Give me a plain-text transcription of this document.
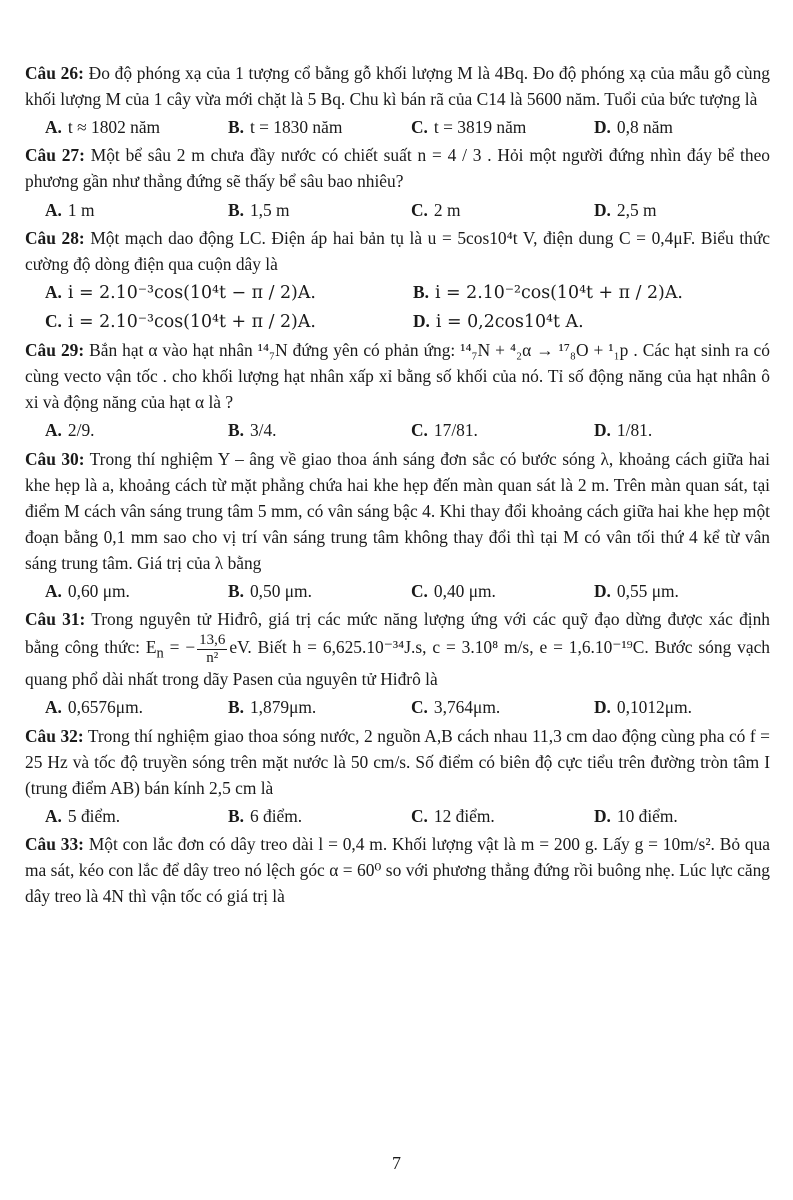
Câu 26: Đo độ phóng xạ của 1 tượng cổ bằng gỗ khối lượng M là 4Bq. Đo độ phóng xạ của mẫu gỗ cùng khối lượng M của 1 cây vừa mới chặt là 5 Bq. Chu kì bán rã của C14 là 5600 năm. Tuổi của bức tượng là

A. t ≈ 1802 năm	B. t = 1830 năm	C. t = 3819 năm	D. 0,8 năm

Câu 27: Một bể sâu 2 m chưa đầy nước có chiết suất n = 4 / 3 . Hỏi một người đứng nhìn đáy bể theo phương gần như thẳng đứng sẽ thấy bể sâu bao nhiêu?

A. 1 m	B. 1,5 m	C. 2 m	D. 2,5 m

Câu 28: Một mạch dao động LC. Điện áp hai bản tụ là u = 5cos10⁴t V, điện dung C = 0,4μF. Biểu thức cường độ dòng điện qua cuộn dây là

A. i = 2.10⁻³cos(10⁴t − π / 2)A.	B. i = 2.10⁻²cos(10⁴t + π / 2)A.
C. i = 2.10⁻³cos(10⁴t + π / 2)A.	D. i = 0,2cos10⁴t A.

Câu 29: Bắn hạt α vào hạt nhân ¹⁴₇N đứng yên có phản ứng: ¹⁴₇N + ⁴₂α → ¹⁷₈O + ¹₁p . Các hạt sinh ra có cùng vecto vận tốc . cho khối lượng hạt nhân xấp xỉ bằng số khối của nó. Tỉ số động năng của hạt nhân ô xi và động năng của hạt α là ?

A. 2/9.	B. 3/4.	C. 17/81.	D. 1/81.

Câu 30: Trong thí nghiệm Y – âng về giao thoa ánh sáng đơn sắc có bước sóng λ, khoảng cách giữa hai khe hẹp là a, khoảng cách từ mặt phẳng chứa hai khe hẹp đến màn quan sát là 2 m. Trên màn quan sát, tại điểm M cách vân sáng trung tâm 5 mm, có vân sáng bậc 4. Khi thay đổi khoảng cách giữa hai khe hẹp một đoạn bằng 0,1 mm sao cho vị trí vân sáng trung tâm không thay đổi thì tại M có vân tối thứ 4 kể từ vân sáng trung tâm. Giá trị của λ bằng

A. 0,60 μm.	B. 0,50 μm.	C. 0,40 μm.	D. 0,55 μm.

Câu 31: Trong nguyên tử Hiđrô, giá trị các mức năng lượng ứng với các quỹ đạo dừng được xác định bằng công thức: $E_n$ = − $\frac{13,6}{\text{n²}}$ eV. Biết h = 6,625.10⁻³⁴J.s, c = 3.10⁸ m/s, e = 1,6.10⁻¹⁹C. Bước sóng vạch quang phổ dài nhất trong dãy Pasen của nguyên tử Hiđrô là

A. 0,6576μm.	B. 1,879μm.	C. 3,764μm.	D. 0,1012μm.

Câu 32: Trong thí nghiệm giao thoa sóng nước, 2 nguồn A,B cách nhau 11,3 cm dao động cùng pha có f = 25 Hz và tốc độ truyền sóng trên mặt nước là 50 cm/s. Số điểm có biên độ cực tiểu trên đường tròn tâm I (trung điểm AB) bán kính 2,5 cm là

A. 5 điểm.	B. 6 điểm.	C. 12 điểm.	D. 10 điểm.

Câu 33: Một con lắc đơn có dây treo dài l = 0,4 m. Khối lượng vật là m = 200 g. Lấy g = 10m/s². Bỏ qua ma sát, kéo con lắc để dây treo nó lệch góc α = 60⁰ so với phương thẳng đứng rồi buông nhẹ. Lúc lực căng dây treo là 4N thì vận tốc có giá trị là

7
